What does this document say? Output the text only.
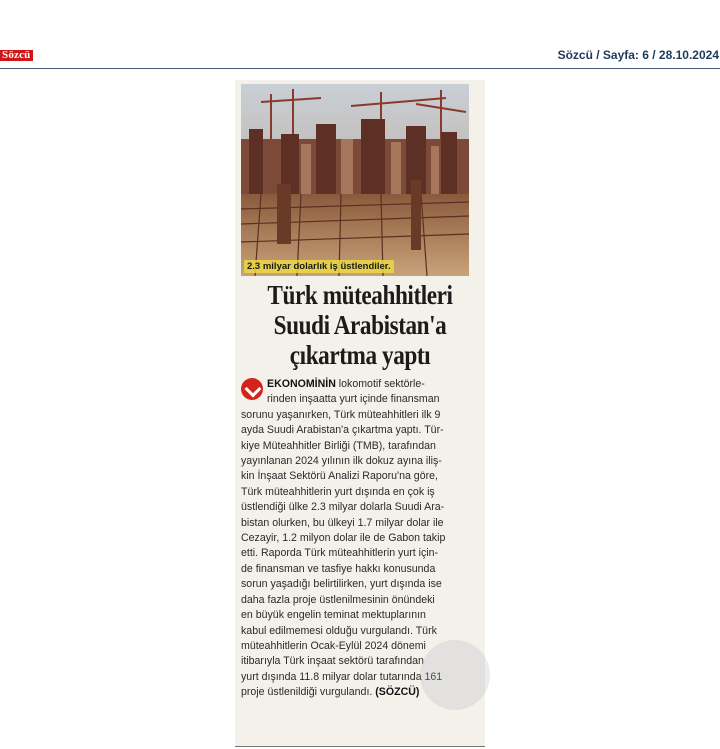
Sözcü	Sözcü / Sayfa: 6 / 28.10.2024
2.3 milyar dolarlık iş üstlendiler.
Türk müteahhitleri
Suudi Arabistan'a
çıkartma yaptı
EKONOMİNİN lokomotif sektörle-
rinden inşaatta yurt içinde finansman
sorunu yaşanırken, Türk müteahhitleri ilk 9
ayda Suudi Arabistan'a çıkartma yaptı. Tür-
kiye Müteahhitler Birliği (TMB), tarafından
yayınlanan 2024 yılının ilk dokuz ayına iliş-
kin İnşaat Sektörü Analizi Raporu'na göre,
Türk müteahhitlerin yurt dışında en çok iş
üstlendiği ülke 2.3 milyar dolarla Suudi Ara-
bistan olurken, bu ülkeyi 1.7 milyar dolar ile
Cezayir, 1.2 milyon dolar ile de Gabon takip
etti. Raporda Türk müteahhitlerin yurt için-
de finansman ve tasfiye hakkı konusunda
sorun yaşadığı belirtilirken, yurt dışında ise
daha fazla proje üstlenilmesinin önündeki
en büyük engelin teminat mektuplarının
kabul edilmemesi olduğu vurgulandı. Türk
müteahhitlerin Ocak-Eylül 2024 dönemi
itibarıyla Türk inşaat sektörü tarafından
yurt dışında 11.8 milyar dolar tutarında 161
proje üstlenildiği vurgulandı. (SÖZCÜ)
